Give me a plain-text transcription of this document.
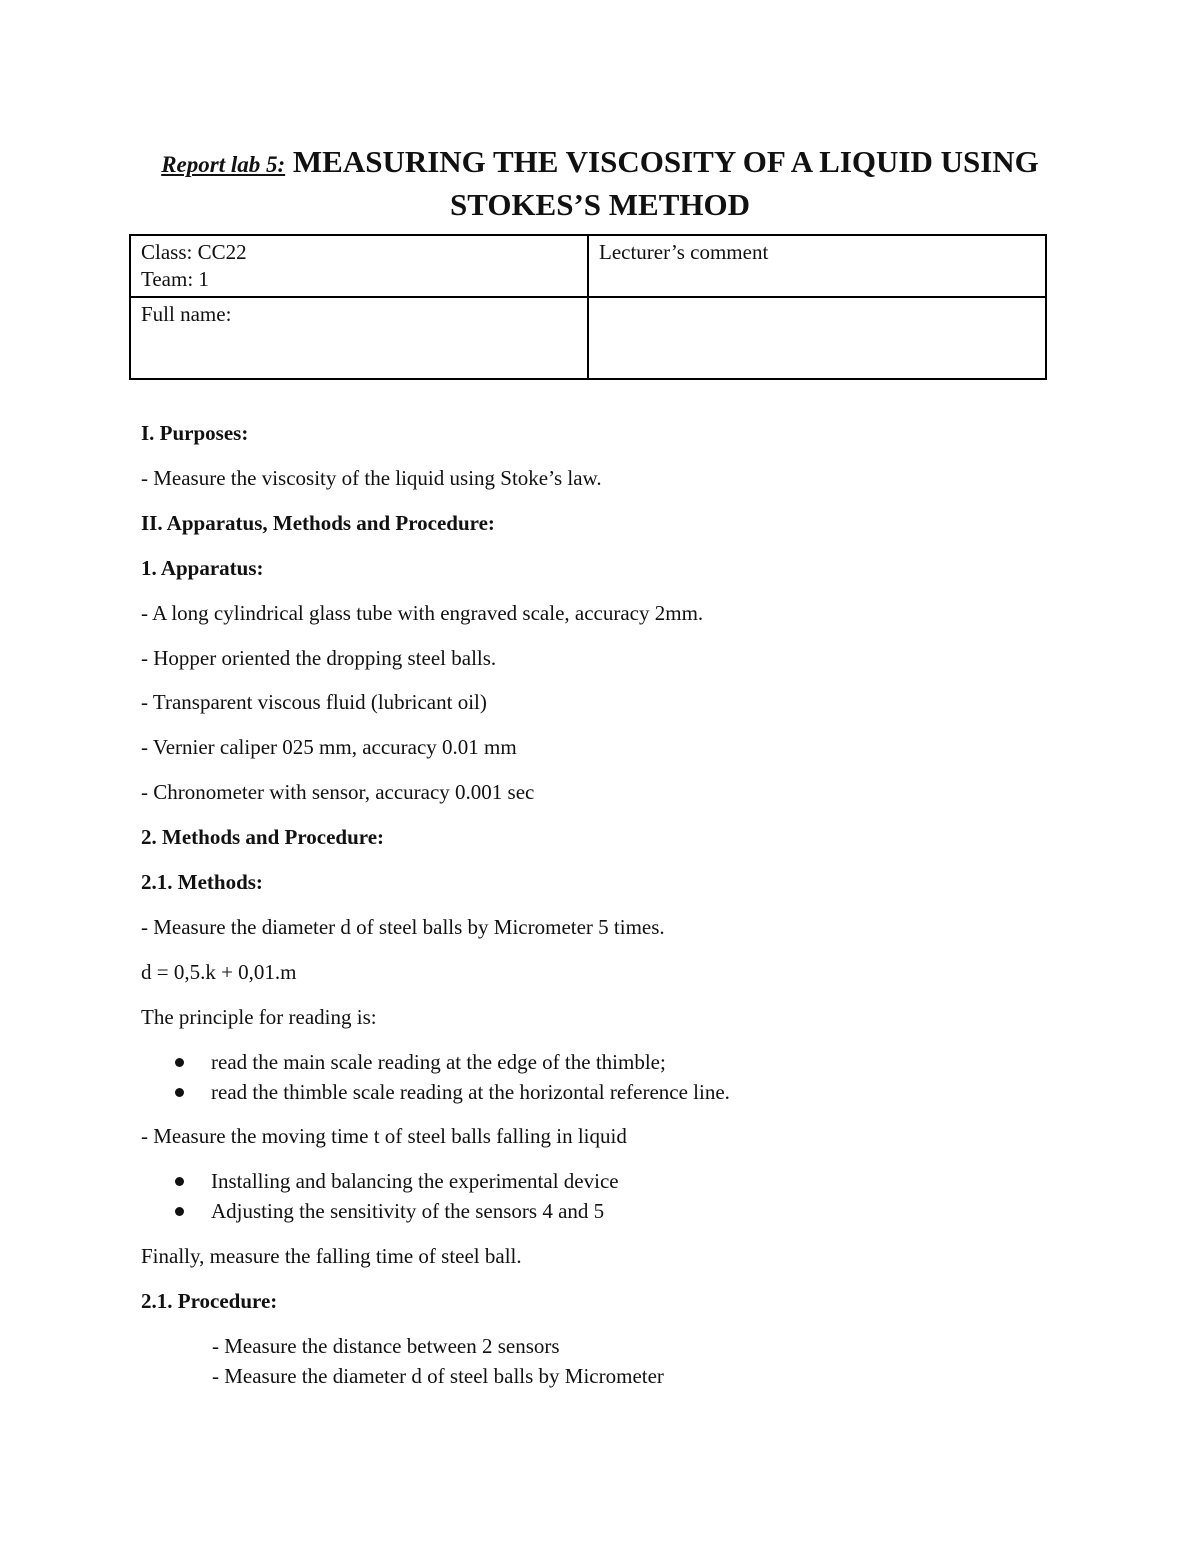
Report lab 5: MEASURING THE VISCOSITY OF A LIQUID USING
STOKES’S METHOD
Class: CC22
Team: 1	Lecturer’s comment

Full name:	

I. Purposes:
- Measure the viscosity of the liquid using Stoke’s law.
II. Apparatus, Methods and Procedure:
1. Apparatus:
- A long cylindrical glass tube with engraved scale, accuracy 2mm.
- Hopper oriented the dropping steel balls.
- Transparent viscous fluid (lubricant oil)
- Vernier caliper 025 mm, accuracy 0.01 mm
- Chronometer with sensor, accuracy 0.001 sec
2. Methods and Procedure:
2.1. Methods:
- Measure the diameter d of steel balls by Micrometer 5 times.
d = 0,5.k + 0,01.m
The principle for reading is:
read the main scale reading at the edge of the thimble;
read the thimble scale reading at the horizontal reference line.
- Measure the moving time t of steel balls falling in liquid
Installing and balancing the experimental device
Adjusting the sensitivity of the sensors 4 and 5
Finally, measure the falling time of steel ball.
2.1. Procedure:
- Measure the distance between 2 sensors
- Measure the diameter d of steel balls by Micrometer
